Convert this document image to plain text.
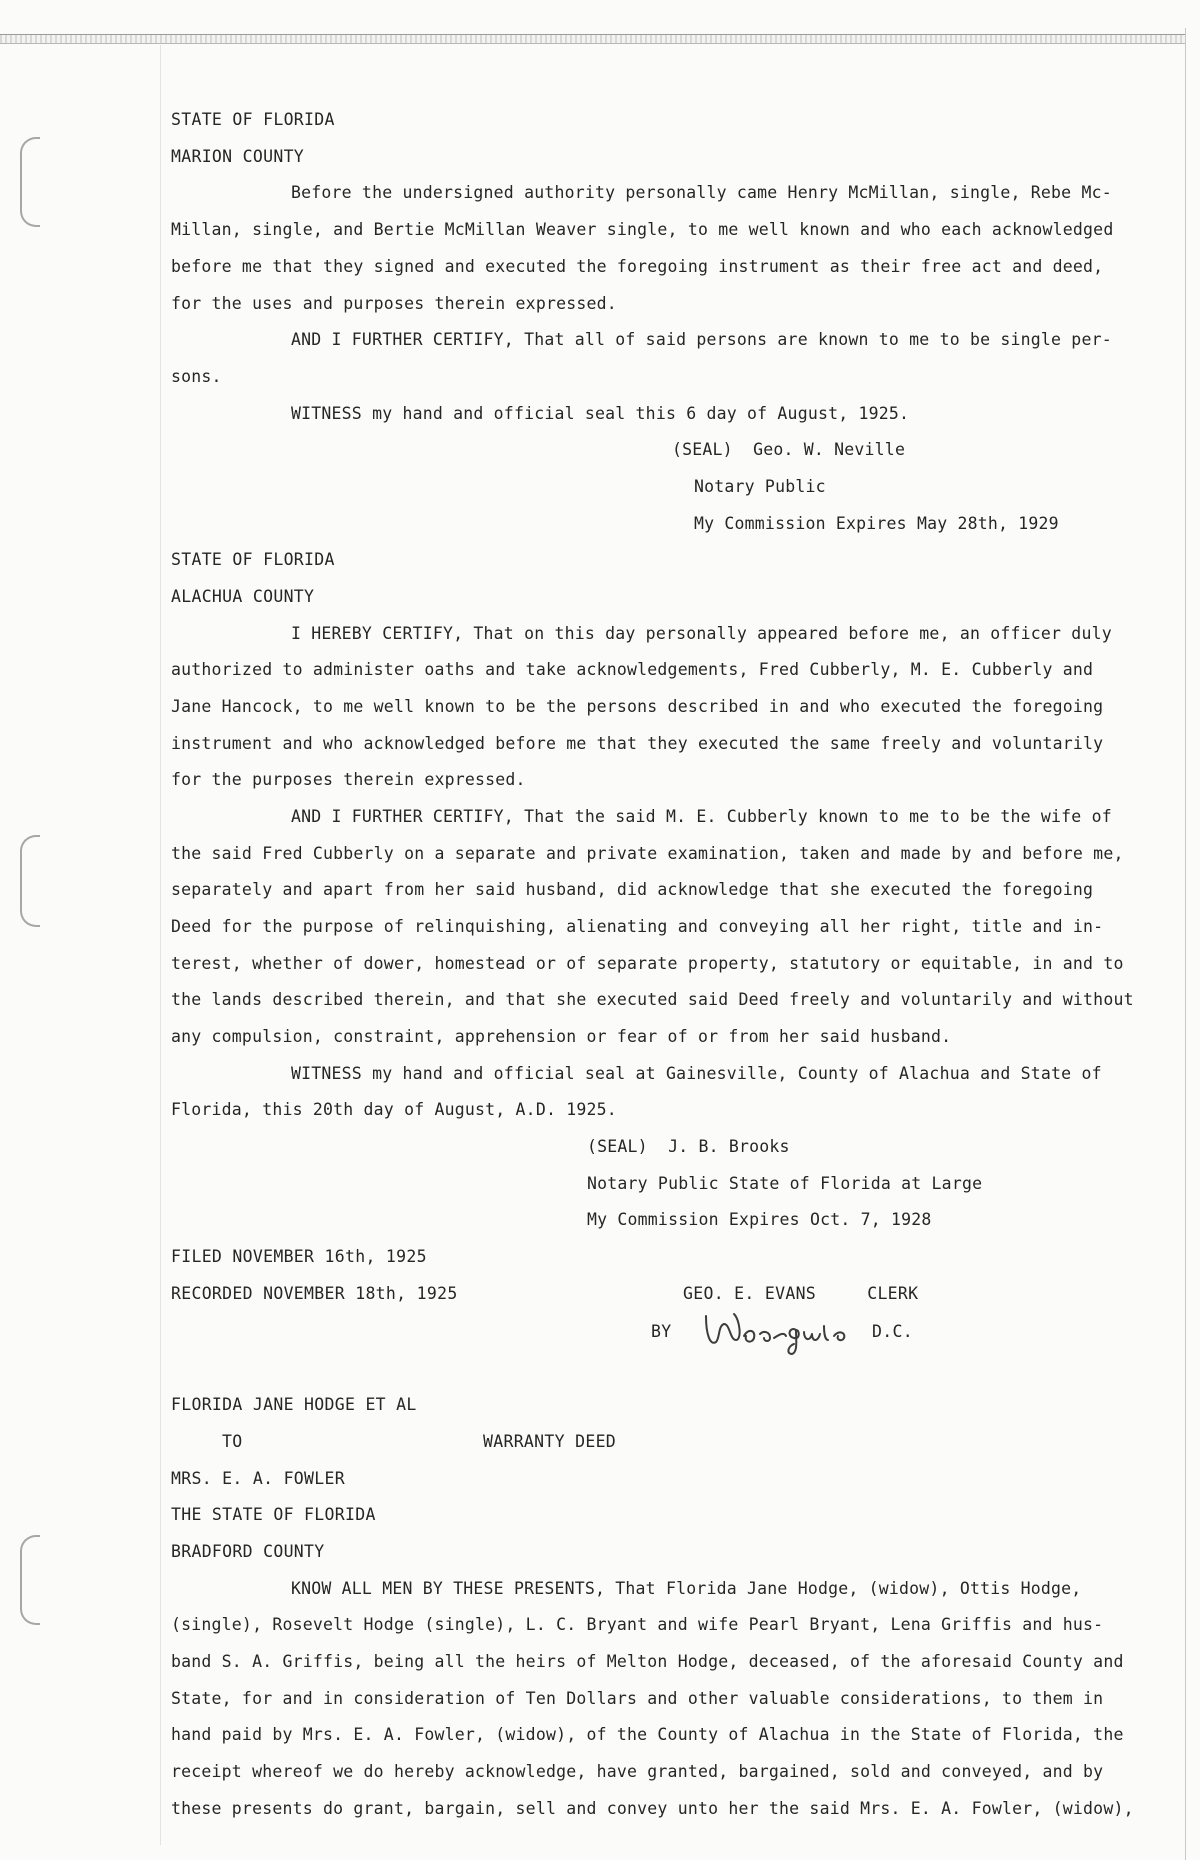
STATE OF FLORIDA

MARION COUNTY

Before the undersigned authority personally came Henry McMillan, single, Rebe Mc-

Millan, single, and Bertie McMillan Weaver single, to me well known and who each acknowledged

before me that they signed and executed the foregoing instrument as their free act and deed,

for the uses and purposes therein expressed.

AND I FURTHER CERTIFY, That all of said persons are known to me to be single per-

sons.

WITNESS my hand and official seal this 6 day of August, 1925.

(SEAL)  Geo. W. Neville

Notary Public

My Commission Expires May 28th, 1929

STATE OF FLORIDA

ALACHUA COUNTY

I HEREBY CERTIFY, That on this day personally appeared before me, an officer duly

authorized to administer oaths and take acknowledgements, Fred Cubberly, M. E. Cubberly and

Jane Hancock, to me well known to be the persons described in and who executed the foregoing

instrument and who acknowledged before me that they executed the same freely and voluntarily

for the purposes therein expressed.

AND I FURTHER CERTIFY, That the said M. E. Cubberly known to me to be the wife of

the said Fred Cubberly on a separate and private examination, taken and made by and before me,

separately and apart from her said husband, did acknowledge that she executed the foregoing

Deed for the purpose of relinquishing, alienating and conveying all her right, title and in-

terest, whether of dower, homestead or of separate property, statutory or equitable, in and to

the lands described therein, and that she executed said Deed freely and voluntarily and without

any compulsion, constraint, apprehension or fear of or from her said husband.

WITNESS my hand and official seal at Gainesville, County of Alachua and State of

Florida, this 20th day of August, A.D. 1925.

(SEAL)  J. B. Brooks

Notary Public State of Florida at Large

My Commission Expires Oct. 7, 1928

FILED NOVEMBER 16th, 1925

RECORDED NOVEMBER 18th, 1925	GEO. E. EVANS     CLERK

BY	D.C.

FLORIDA JANE HODGE ET AL

TO	WARRANTY DEED

MRS. E. A. FOWLER

THE STATE OF FLORIDA

BRADFORD COUNTY

KNOW ALL MEN BY THESE PRESENTS, That Florida Jane Hodge, (widow), Ottis Hodge,

(single), Rosevelt Hodge (single), L. C. Bryant and wife Pearl Bryant, Lena Griffis and hus-

band S. A. Griffis, being all the heirs of Melton Hodge, deceased, of the aforesaid County and

State, for and in consideration of Ten Dollars and other valuable considerations, to them in

hand paid by Mrs. E. A. Fowler, (widow), of the County of Alachua in the State of Florida, the

receipt whereof we do hereby acknowledge, have granted, bargained, sold and conveyed, and by

these presents do grant, bargain, sell and convey unto her the said Mrs. E. A. Fowler, (widow),
